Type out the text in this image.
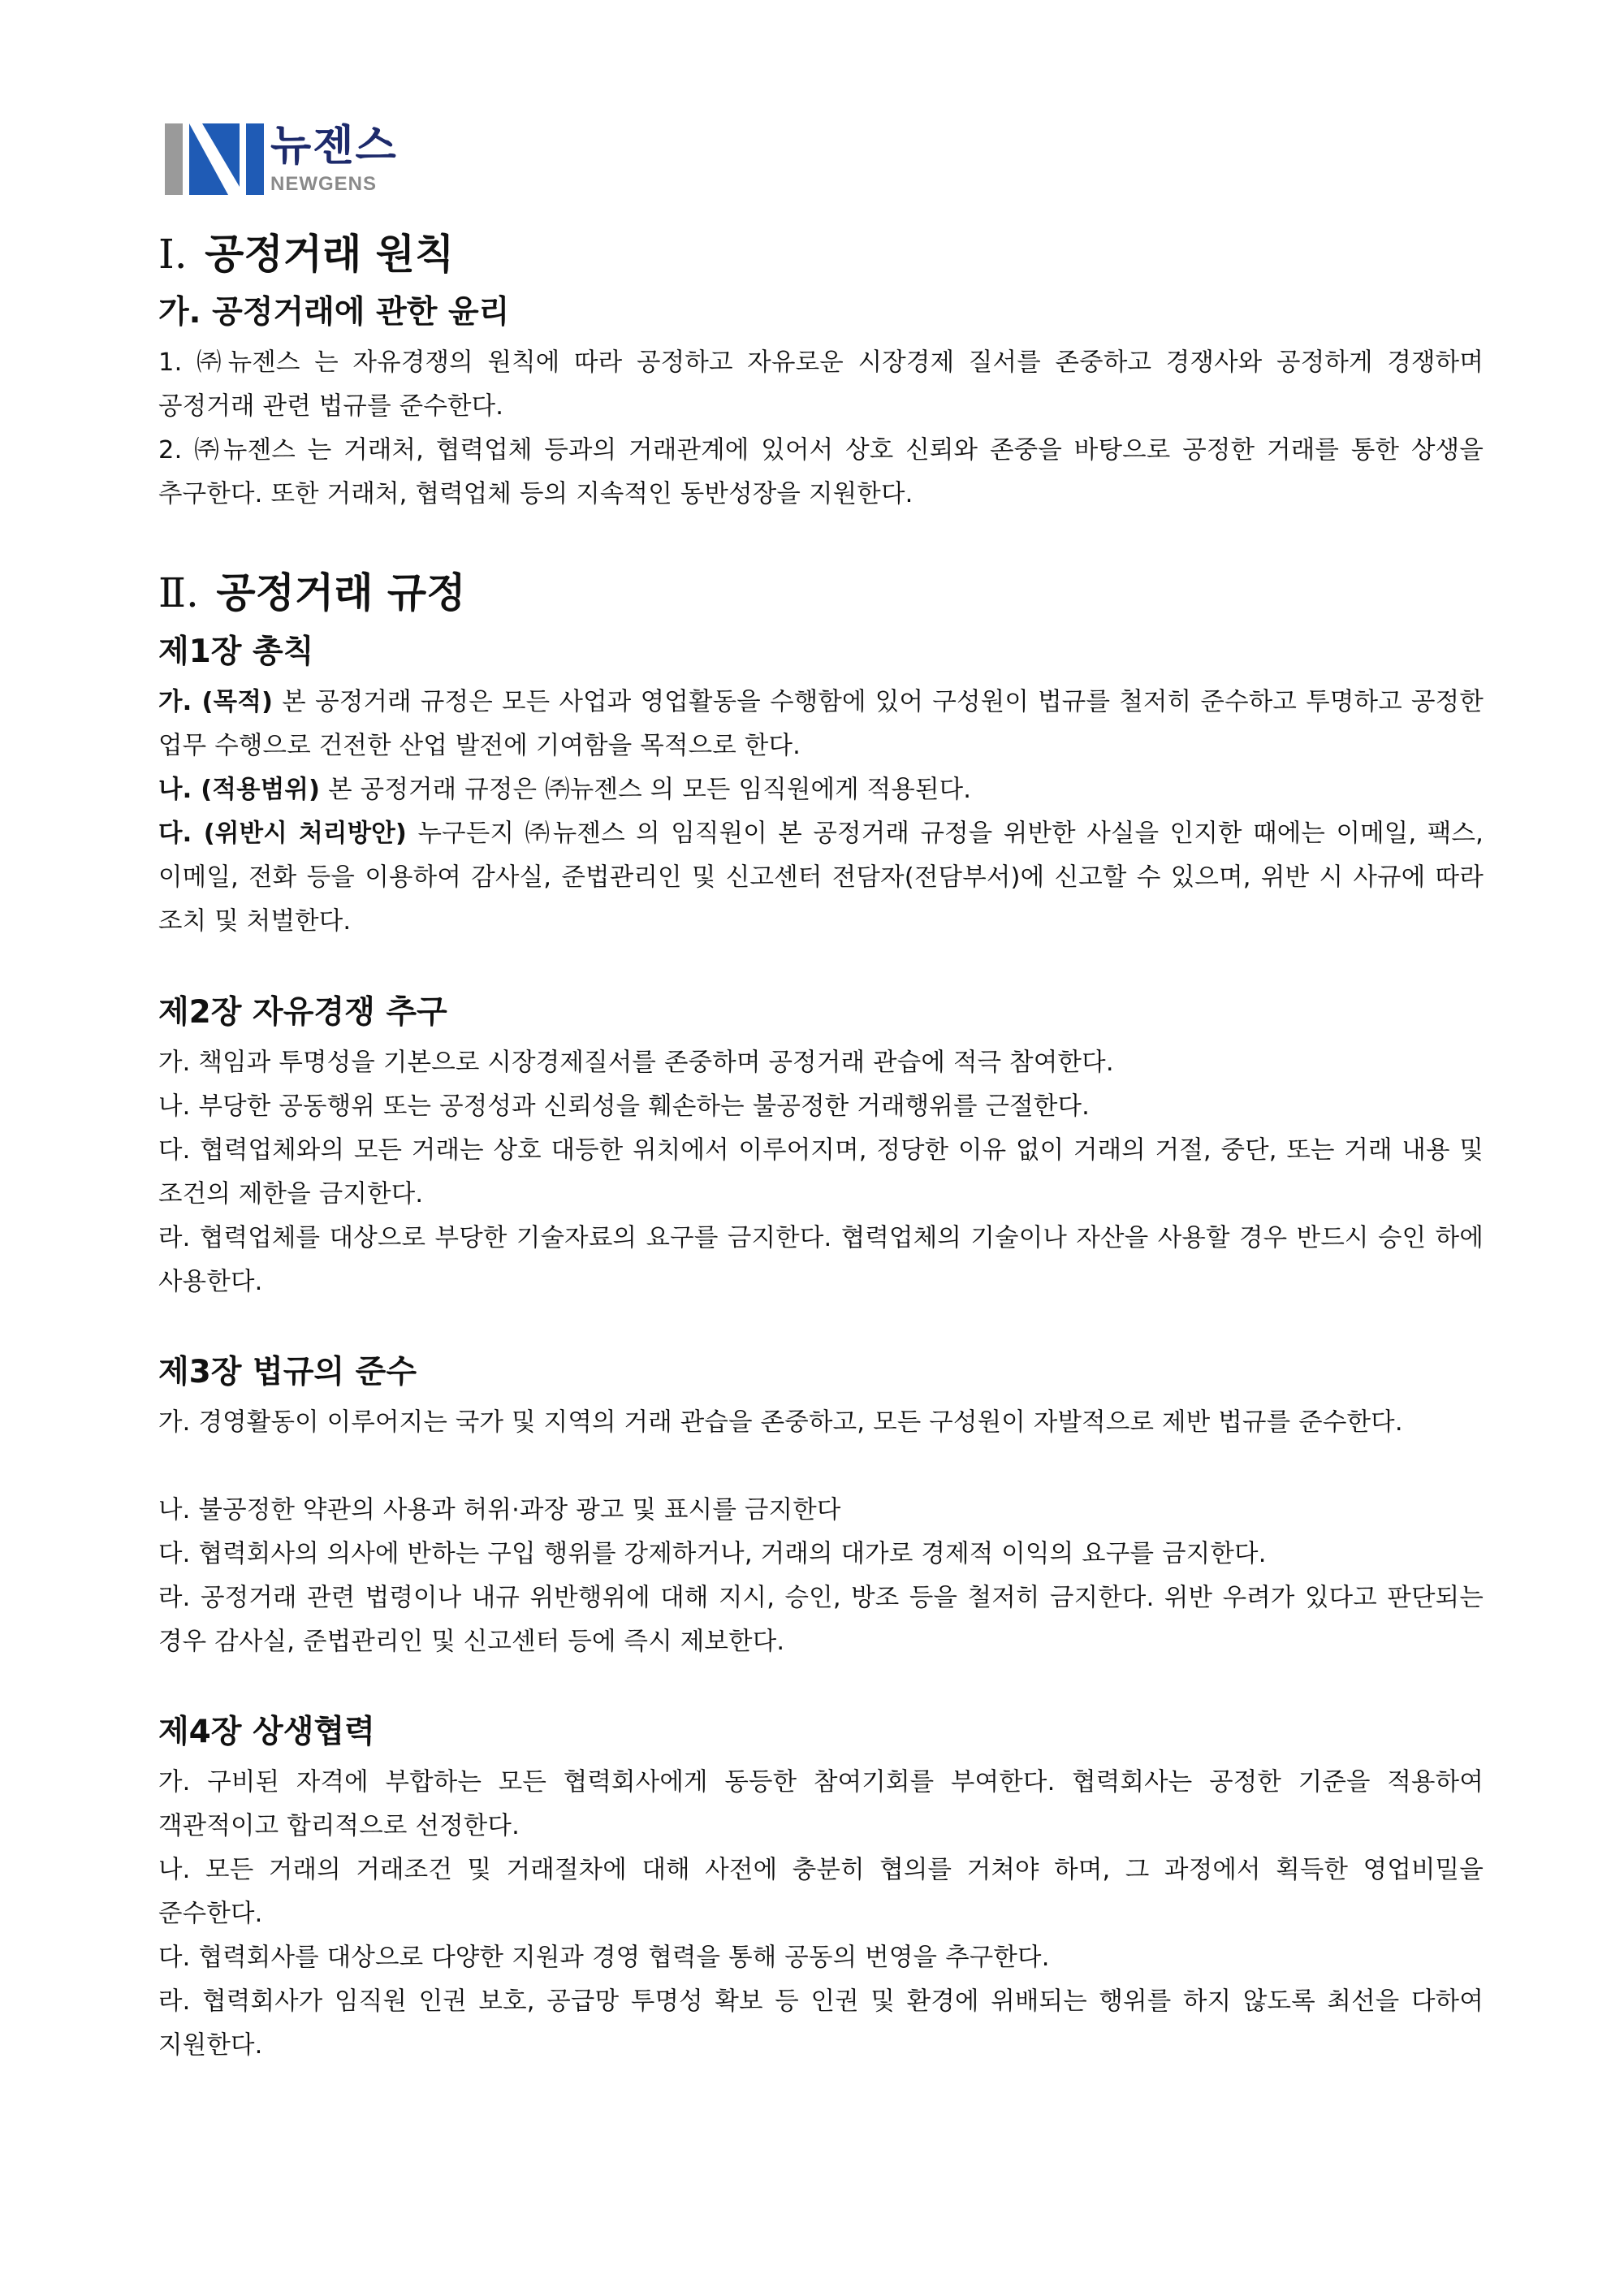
뉴젠스
NEWGENS
Ⅰ. 공정거래 원칙
가. 공정거래에 관한 윤리
1. ㈜뉴젠스 는 자유경쟁의 원칙에 따라 공정하고 자유로운 시장경제 질서를 존중하고 경쟁사와 공정하게 경쟁하며 공정거래 관련 법규를 준수한다.
2. ㈜뉴젠스 는 거래처, 협력업체 등과의 거래관계에 있어서 상호 신뢰와 존중을 바탕으로 공정한 거래를 통한 상생을 추구한다. 또한 거래처, 협력업체 등의 지속적인 동반성장을 지원한다.
Ⅱ. 공정거래 규정
제1장 총칙
가. (목적) 본 공정거래 규정은 모든 사업과 영업활동을 수행함에 있어 구성원이 법규를 철저히 준수하고 투명하고 공정한 업무 수행으로 건전한 산업 발전에 기여함을 목적으로 한다.
나. (적용범위) 본 공정거래 규정은 ㈜뉴젠스 의 모든 임직원에게 적용된다.
다. (위반시 처리방안) 누구든지 ㈜뉴젠스 의 임직원이 본 공정거래 규정을 위반한 사실을 인지한 때에는 이메일, 팩스, 이메일, 전화 등을 이용하여 감사실, 준법관리인 및 신고센터 전담자(전담부서)에 신고할 수 있으며, 위반 시 사규에 따라 조치 및 처벌한다.
제2장 자유경쟁 추구
가. 책임과 투명성을 기본으로 시장경제질서를 존중하며 공정거래 관습에 적극 참여한다.
나. 부당한 공동행위 또는 공정성과 신뢰성을 훼손하는 불공정한 거래행위를 근절한다.
다. 협력업체와의 모든 거래는 상호 대등한 위치에서 이루어지며, 정당한 이유 없이 거래의 거절, 중단, 또는 거래 내용 및 조건의 제한을 금지한다.
라. 협력업체를 대상으로 부당한 기술자료의 요구를 금지한다. 협력업체의 기술이나 자산을 사용할 경우 반드시 승인 하에 사용한다.
제3장 법규의 준수
가. 경영활동이 이루어지는 국가 및 지역의 거래 관습을 존중하고, 모든 구성원이 자발적으로 제반 법규를 준수한다.
나. 불공정한 약관의 사용과 허위·과장 광고 및 표시를 금지한다
다. 협력회사의 의사에 반하는 구입 행위를 강제하거나, 거래의 대가로 경제적 이익의 요구를 금지한다.
라. 공정거래 관련 법령이나 내규 위반행위에 대해 지시, 승인, 방조 등을 철저히 금지한다. 위반 우려가 있다고 판단되는 경우 감사실, 준법관리인 및 신고센터 등에 즉시 제보한다.
제4장 상생협력
가. 구비된 자격에 부합하는 모든 협력회사에게 동등한 참여기회를 부여한다. 협력회사는 공정한 기준을 적용하여 객관적이고 합리적으로 선정한다.
나. 모든 거래의 거래조건 및 거래절차에 대해 사전에 충분히 협의를 거쳐야 하며, 그 과정에서 획득한 영업비밀을 준수한다.
다. 협력회사를 대상으로 다양한 지원과 경영 협력을 통해 공동의 번영을 추구한다.
라. 협력회사가 임직원 인권 보호, 공급망 투명성 확보 등 인권 및 환경에 위배되는 행위를 하지 않도록 최선을 다하여 지원한다.
